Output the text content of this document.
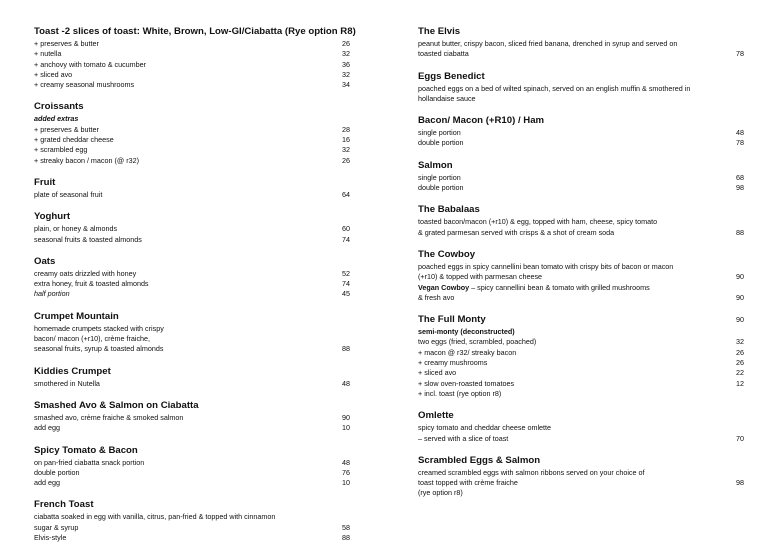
Toast -2 slices of toast: White, Brown, Low-GI/Ciabatta (Rye option R8)
+ preserves & butter	26
+ nutella	32
+ anchovy with tomato & cucumber	36
+ sliced avo	32
+ creamy seasonal mushrooms	34
Croissants
added extras
+ preserves & butter	28
+ grated cheddar cheese	16
+ scrambled egg	32
+ streaky bacon / macon (@ r32)	26
Fruit
plate of seasonal fruit	64
Yoghurt
plain, or honey & almonds	60
seasonal fruits & toasted almonds	74
Oats
creamy oats drizzled with honey	52
extra honey, fruit & toasted almonds	74
half portion	45
Crumpet Mountain
homemade crumpets stacked with crispy
bacon/ macon (+r10), crème fraiche,
seasonal fruits, syrup & toasted almonds	88
Kiddies Crumpet
smothered in Nutella	48
Smashed Avo & Salmon on Ciabatta
smashed avo, crème fraiche & smoked salmon	90
add egg	10
Spicy Tomato & Bacon
on pan-fried ciabatta snack portion	48
double portion	76
add egg	10
French Toast
ciabatta soaked in egg with vanilla, citrus, pan-fried & topped with cinnamon
sugar & syrup	58
Elvis-style	88
The Elvis
peanut butter, crispy bacon, sliced fried banana, drenched in syrup and served on
toasted ciabatta	78
Eggs Benedict
poached eggs on a bed of wilted spinach, served on an english muffin & smothered in
hollandaise sauce
Bacon/ Macon (+R10) / Ham
single portion	48
double portion	78
Salmon
single portion	68
double portion	98
The Babalaas
toasted bacon/macon (+r10) & egg, topped with ham, cheese, spicy tomato
& grated parmesan served with crisps & a shot of cream soda	88
The Cowboy
poached eggs in spicy cannellini bean tomato with crispy bits of bacon or macon
(+r10) & topped with parmesan cheese	90
Vegan Cowboy – spicy cannellini bean & tomato with grilled mushrooms
& fresh avo	90
The Full Monty	90
semi-monty (deconstructed)
two eggs (fried, scrambled, poached)	32
+ macon @ r32/ streaky bacon	26
+ creamy mushrooms	26
+ sliced avo	22
+ slow oven-roasted tomatoes	12
+ incl. toast (rye option r8)
Omlette
spicy tomato and cheddar cheese omlette
– served with a slice of toast	70
Scrambled Eggs & Salmon
creamed scrambled eggs with salmon ribbons served on your choice of
toast topped with crème fraiche	98
(rye option r8)
